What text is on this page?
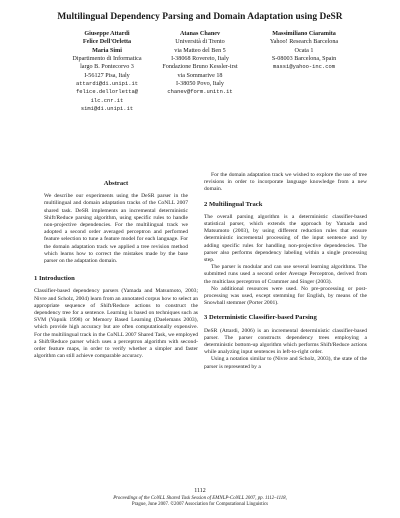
Multilingual Dependency Parsing and Domain Adaptation using DeSR
Giuseppe Attardi
Felice Dell'Orletta
Maria Simi
Dipartimento di Informatica
largo B. Pontecorvo 3
I-56127 Pisa, Italy
attardi@di.unipi.it
felice.dellorletta@
ilc.cnr.it
simi@di.unipi.it
Atanas Chanev
Università di Trento
via Matteo del Ben 5
I-38068 Rovereto, Italy
Fondazione Bruno Kessler-irst
via Sommarive 18
I-38050 Povo, Italy
chanev@form.unitn.it
Massimiliano Ciaramita
Yahoo! Research Barcelona
Ocata 1
S-08003 Barcelona, Spain
massi@yahoo-inc.com
Abstract
We describe our experiments using the DeSR parser in the multilingual and domain adaptation tracks of the CoNLL 2007 shared task. DeSR implements an incremental deterministic Shift/Reduce parsing algorithm, using specific rules to handle non-projective dependencies. For the multilingual track we adopted a second order averaged perceptron and performed feature selection to tune a feature model for each language. For the domain adaptation track we applied a tree revision method which learns how to correct the mistakes made by the base parser on the adaptation domain.
1 Introduction

Classifier-based dependency parsers (Yamada and Matsumoto, 2003; Nivre and Scholz, 2004) learn from an annotated corpus how to select an appropriate sequence of Shift/Reduce actions to construct the dependency tree for a sentence. Learning is based on techniques such as SVM (Vapnik 1998) or Memory Based Learning (Daelemans 2003), which provide high accuracy but are often computationally expensive. For the multilingual track in the CoNLL 2007 Shared Task, we employed a Shift/Reduce parser which uses a perceptron algorithm with second-order feature maps, in order to verify whether a simpler and faster algorithm can still achieve comparable accuracy.

For the domain adaptation track we wished to explore the use of tree revisions in order to incorporate language knowledge from a new domain.

2 Multilingual Track

The overall parsing algorithm is a deterministic classifier-based statistical parser, which extends the approach by Yamada and Matsumoto (2003), by using different reduction rules that ensure deterministic incremental processing of the input sentence and by adding specific rules for handling non-projective dependencies. The parser also performs dependency labeling within a single processing step.

The parser is modular and can use several learning algorithms. The submitted runs used a second order Average Perceptron, derived from the multiclass perceptron of Crammer and Singer (2003).

No additional resources were used. No pre-processing or post-processing was used, except stemming for English, by means of the Snowball stemmer (Porter 2001).

3 Deterministic Classifier-based Parsing

DeSR (Attardi, 2006) is an incremental deterministic classifier-based parser. The parser constructs dependency trees employing a deterministic bottom-up algorithm which performs Shift/Reduce actions while analyzing input sentences in left-to-right order.

Using a notation similar to (Nivre and Scholz, 2003), the state of the parser is represented by a

1112
Proceedings of the CoNLL Shared Task Session of EMNLP-CoNLL 2007, pp. 1112–1118,
Prague, June 2007. ©2007 Association for Computational Linguistics
